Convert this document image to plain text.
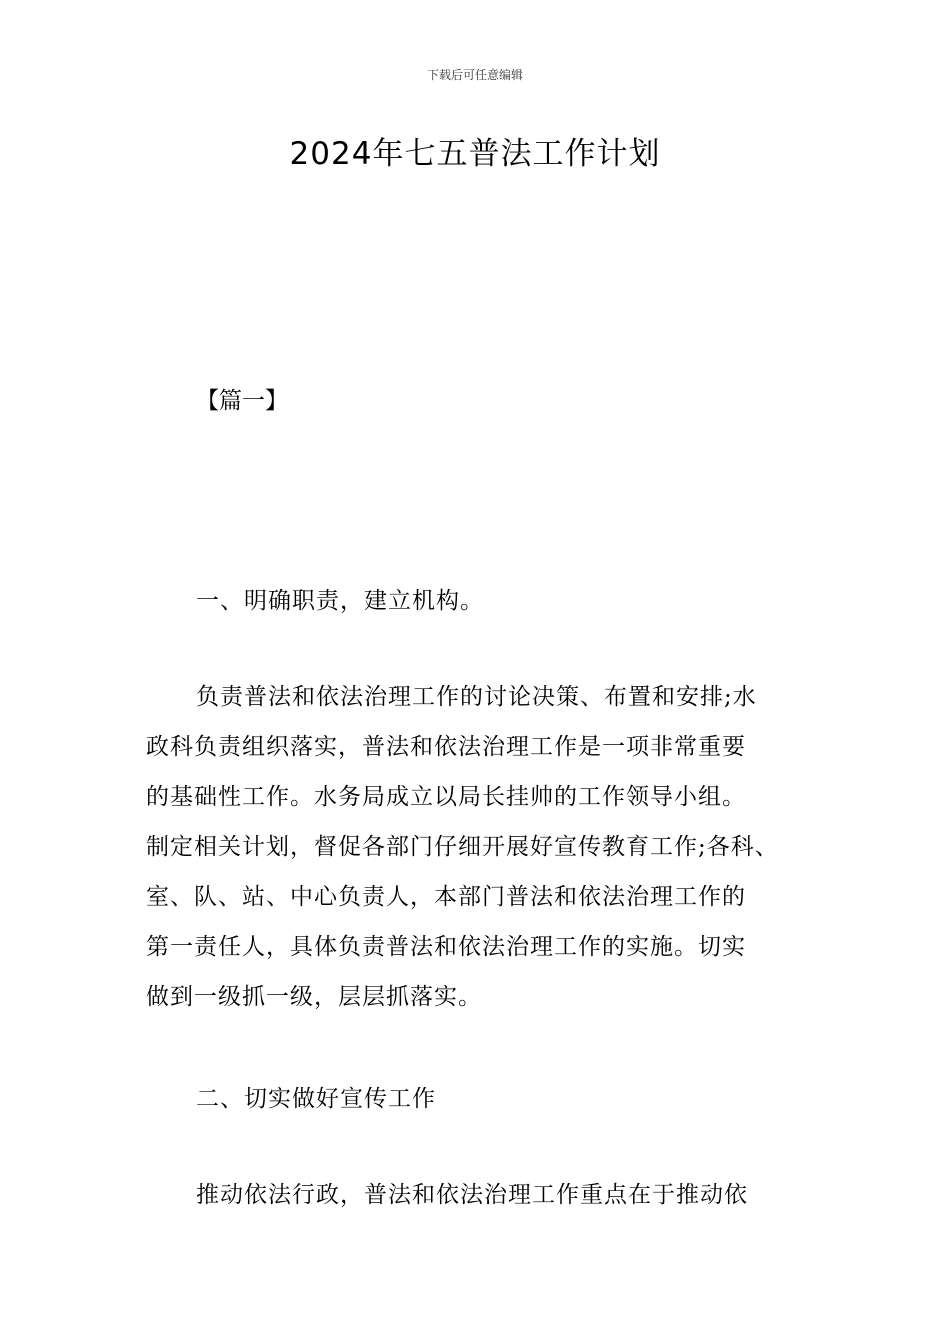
下载后可任意编辑
2024年七五普法工作计划
【篇一】
一、明确职责，建立机构。
负责普法和依法治理工作的讨论决策、布置和安排;水
政科负责组织落实，普法和依法治理工作是一项非常重要
的基础性工作。水务局成立以局长挂帅的工作领导小组。
制定相关计划，督促各部门仔细开展好宣传教育工作;各科、
室、队、站、中心负责人，本部门普法和依法治理工作的
第一责任人，具体负责普法和依法治理工作的实施。切实
做到一级抓一级，层层抓落实。
二、切实做好宣传工作
推动依法行政，普法和依法治理工作重点在于推动依
